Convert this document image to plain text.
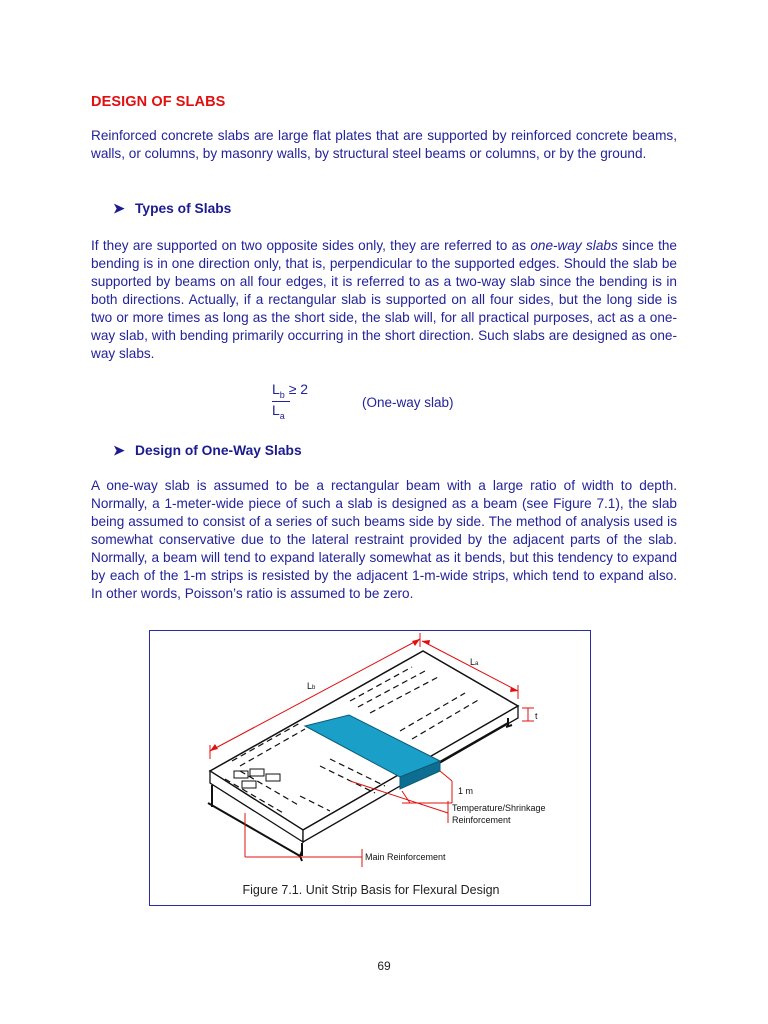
DESIGN OF SLABS
Reinforced concrete slabs are large flat plates that are supported by reinforced concrete beams, walls, or columns, by masonry walls, by structural steel beams or columns, or by the ground.
➤ Types of Slabs
If they are supported on two opposite sides only, they are referred to as one-way slabs since the bending is in one direction only, that is, perpendicular to the supported edges. Should the slab be supported by beams on all four edges, it is referred to as a two-way slab since the bending is in both directions. Actually, if a rectangular slab is supported on all four sides, but the long side is two or more times as long as the short side, the slab will, for all practical purposes, act as a one-way slab, with bending primarily occurring in the short direction. Such slabs are designed as one-way slabs.
$L_b \ge 2$
$L_a$
(One-way slab)
➤ Design of One-Way Slabs
A one-way slab is assumed to be a rectangular beam with a large ratio of width to depth. Normally, a 1-meter-wide piece of such a slab is designed as a beam (see Figure 7.1), the slab being assumed to consist of a series of such beams side by side. The method of analysis used is somewhat conservative due to the lateral restraint provided by the adjacent parts of the slab. Normally, a beam will tend to expand laterally somewhat as it bends, but this tendency to expand by each of the 1-m strips is resisted by the adjacent 1-m-wide strips, which tend to expand also. In other words, Poisson’s ratio is assumed to be zero.
Lb
La
t
1 m
Temperature/Shrinkage
Reinforcement
Main Reinforcement
Figure 7.1. Unit Strip Basis for Flexural Design
69
